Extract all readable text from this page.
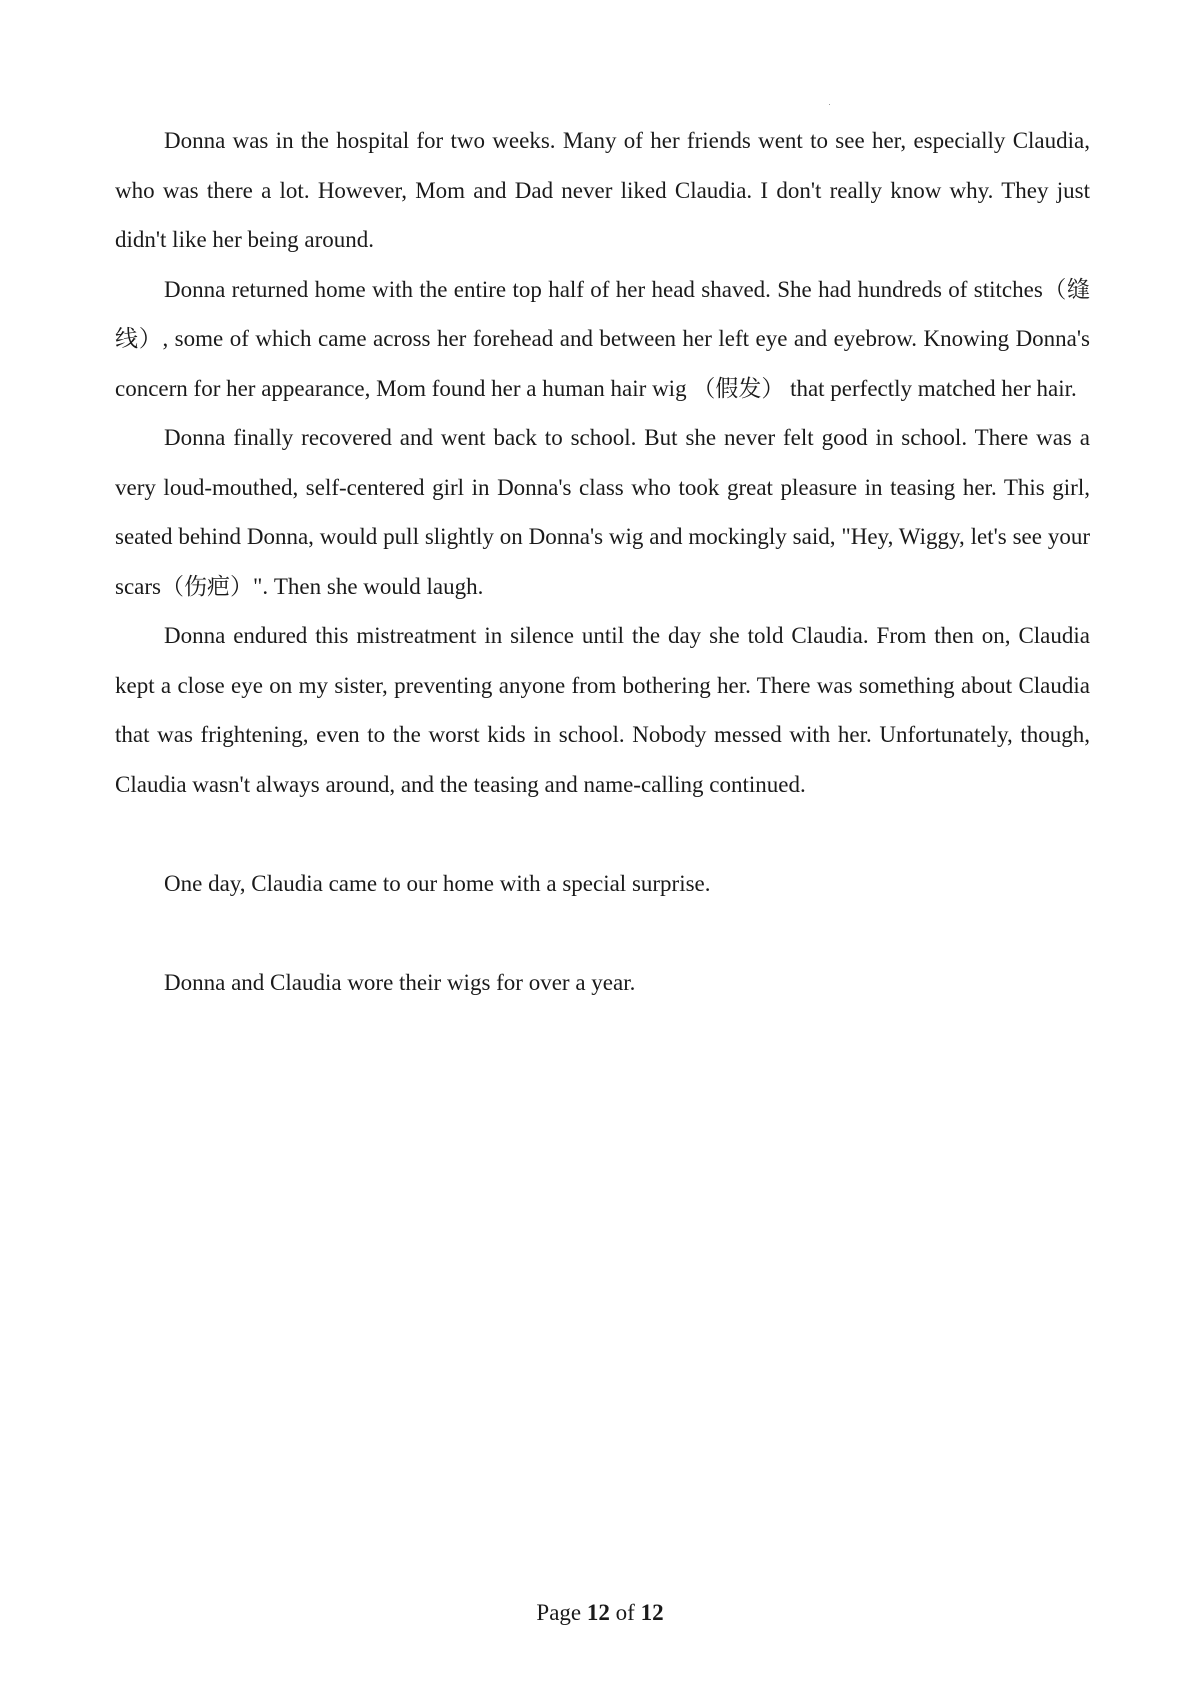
Donna was in the hospital for two weeks. Many of her friends went to see her, especially Claudia, who was there a lot. However, Mom and Dad never liked Claudia. I don't really know why. They just didn't like her being around.

Donna returned home with the entire top half of her head shaved. She had hundreds of stitches（缝线）, some of which came across her forehead and between her left eye and eyebrow. Knowing Donna's concern for her appearance, Mom found her a human hair wig （假发） that perfectly matched her hair.

Donna finally recovered and went back to school. But she never felt good in school. There was a very loud-mouthed, self-centered girl in Donna's class who took great pleasure in teasing her. This girl, seated behind Donna, would pull slightly on Donna's wig and mockingly said, "Hey, Wiggy, let's see your scars（伤疤）". Then she would laugh.

Donna endured this mistreatment in silence until the day she told Claudia. From then on, Claudia kept a close eye on my sister, preventing anyone from bothering her. There was something about Claudia that was frightening, even to the worst kids in school. Nobody messed with her. Unfortunately, though, Claudia wasn't always around, and the teasing and name-calling continued.

One day, Claudia came to our home with a special surprise.

Donna and Claudia wore their wigs for over a year.

Page 12 of 12
